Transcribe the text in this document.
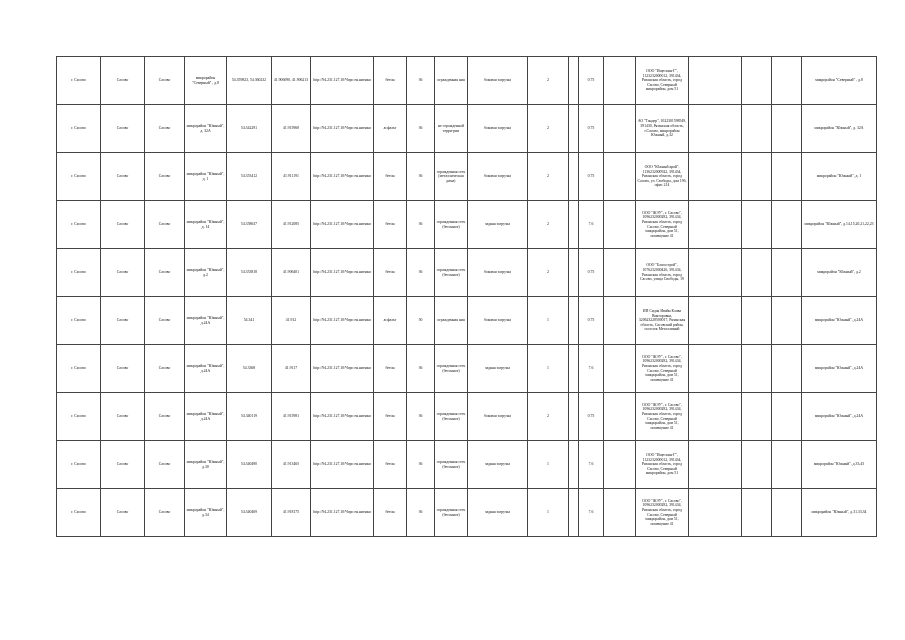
г. Сасово	Сасово	Сасово	микрорайон "Северный" , д.8	54.359823, 54.360232	41.906090, 41.906213	http://94.231.127.10/Чоро ен.ниенки	бетон	36	огражденная ния	боковая загрузка	2		0.75		ООО "Ищескин-Г", 1123232000012, 391434, Рязанская область, город Сасово, Северный микрорайон, дом 51				микрорайон "Северный" , д.8
г. Сасово	Сасово	Сасово	микрорайон "Южный", д. 32А	54.342291	41.915968	http://94.231.127.10/Чоро ен.ниенки	асфальт	36	не огражденной терри-рии	боковая загрузка	2		0.75		АО "Тандер", 1022301598549, 391430, Рязанская область, г.Сасово, микрорайон Южный, д.32				микрорайон "Южный", д. 32А
г. Сасово	Сасово	Сасово	микрорайон "Южный", д. 1	54.353412	41.911191	http://94.231.127.10/Чоро ен.ниенки	бетон	36	огражденная сеть (металлическая рама)	боковая загрузка	2		0.75		ООО "Южный край", 1136232000922, 391434, Рязанская область, город Сасово, ул. Свободы, дом 19б, офис 214				микрорайон "Южный", д. 1
г. Сасово	Сасово	Сасово	микрорайон "Южный", д. 14	54.358637	41.912085	http://94.231.127.10/Чоро ен.ниенки	бетон	36	огражденная сеть (бетонное)	задняя загрузка	2		7.6		ООО "ЖЭУ", г. Сасово", 1096232000282, 391434, Рязанская область, город Сасово, Северный микрорайон, дом 51, помещение 41				микрорайон "Южный", д.14,15,20,21,22,23
г. Сасово	Сасово	Сасово	микрорайон "Южный", д.2	54.353818	41.906401	http://94.231.127.10/Чоро ен.ниенки	бетон	36	огражденная сеть (бетонное)	боковая загрузка	2		0.75		ООО "Благострой", 1076232000426, 391434, Рязанская область, город Сасово, улица Свободы, 19				микрорайон "Южный", д.2
г. Сасово	Сасово	Сасово	микрорайон "Южный", д.24А	54.341	41.912	http://94.231.127.10/Чоро ен.ниенки	асфальт	50	огражденная ния	боковая загрузка	1		0.75		ИП Сидак Ивайн Клава Викторовна, 320623228500017, Рязанская область, Сасовский район, поселок Металлиный				микрорайон "Южный", д.24А
г. Сасово	Сасово	Сасово	микрорайон "Южный", д.24А	54.3368	41.9117	http://94.231.127.10/Чоро ен.ниенки	бетон	36	огражденная сеть (бетонное)	задняя загрузка	1		7.6		ООО "ЖЭУ", г. Сасово", 1096232000282, 391434, Рязанская область, город Сасово, Северный микрорайон, дом 51, помещение 41				микрорайон "Южный", д.24А
г. Сасово	Сасово	Сасово	микрорайон "Южный", д.24А	54.340119	41.915981	http://94.231.127.10/Чоро ен.ниенки	бетон	36	огражденная сеть (бетонное)	боковая загрузка	2		0.75		ООО "ЖЭУ", г. Сасово", 1096232000282, 391434, Рязанская область, город Сасово, Северный микрорайон, дом 51, помещение 41				микрорайон "Южный", д.24А
г. Сасово	Сасово	Сасово	микрорайон "Южный", д.30	54.340490	41.913465	http://94.231.127.10/Чоро ен.ниенки	бетон	36	огражденная сеть (бетонное)	задняя загрузка	1		7.6		ООО "Ищескин-Г", 1123232000012, 391434, Рязанская область, город Сасово, Северный микрорайон, дом 51				микрорайон "Южный", д.33,45
г. Сасово	Сасово	Сасово	микрорайон "Южный", д.34	54.340469	41.918175	http://94.231.127.10/Чоро ен.ниенки	бетон	36	огражденная сеть (бетонное)	задняя загрузка	1		7.6		ООО "ЖЭУ", г. Сасово", 1096232000282, 391434, Рязанская область, город Сасово, Северный микрорайон, дом 51, помещение 41				микрорайон "Южный", д.31,33,34
